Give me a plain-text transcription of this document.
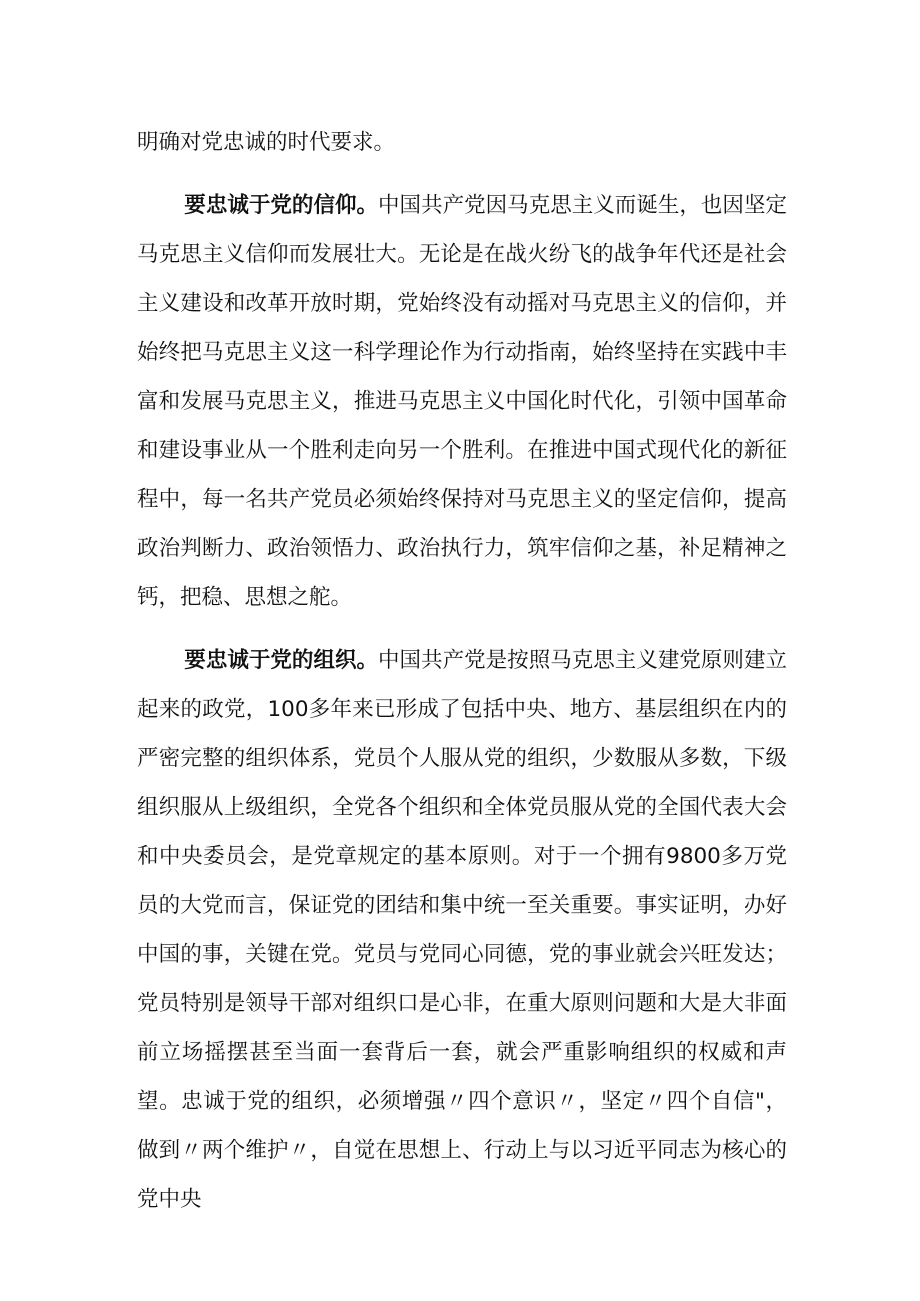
明确对党忠诚的时代要求。

要忠诚于党的信仰。中国共产党因马克思主义而诞生，也因坚定马克思主义信仰而发展壮大。无论是在战火纷飞的战争年代还是社会主义建设和改革开放时期，党始终没有动摇对马克思主义的信仰，并始终把马克思主义这一科学理论作为行动指南，始终坚持在实践中丰富和发展马克思主义，推进马克思主义中国化时代化，引领中国革命和建设事业从一个胜利走向另一个胜利。在推进中国式现代化的新征程中，每一名共产党员必须始终保持对马克思主义的坚定信仰，提高政治判断力、政治领悟力、政治执行力，筑牢信仰之基，补足精神之钙，把稳、思想之舵。

要忠诚于党的组织。中国共产党是按照马克思主义建党原则建立起来的政党，100多年来已形成了包括中央、地方、基层组织在内的严密完整的组织体系，党员个人服从党的组织，少数服从多数，下级组织服从上级组织，全党各个组织和全体党员服从党的全国代表大会和中央委员会，是党章规定的基本原则。对于一个拥有9800多万党员的大党而言，保证党的团结和集中统一至关重要。事实证明，办好中国的事，关键在党。党员与党同心同德，党的事业就会兴旺发达；党员特别是领导干部对组织口是心非，在重大原则问题和大是大非面前立场摇摆甚至当面一套背后一套，就会严重影响组织的权威和声望。忠诚于党的组织，必须增强〃四个意识〃，坚定〃四个自信"，做到〃两个维护〃，自觉在思想上、行动上与以习近平同志为核心的党中央
